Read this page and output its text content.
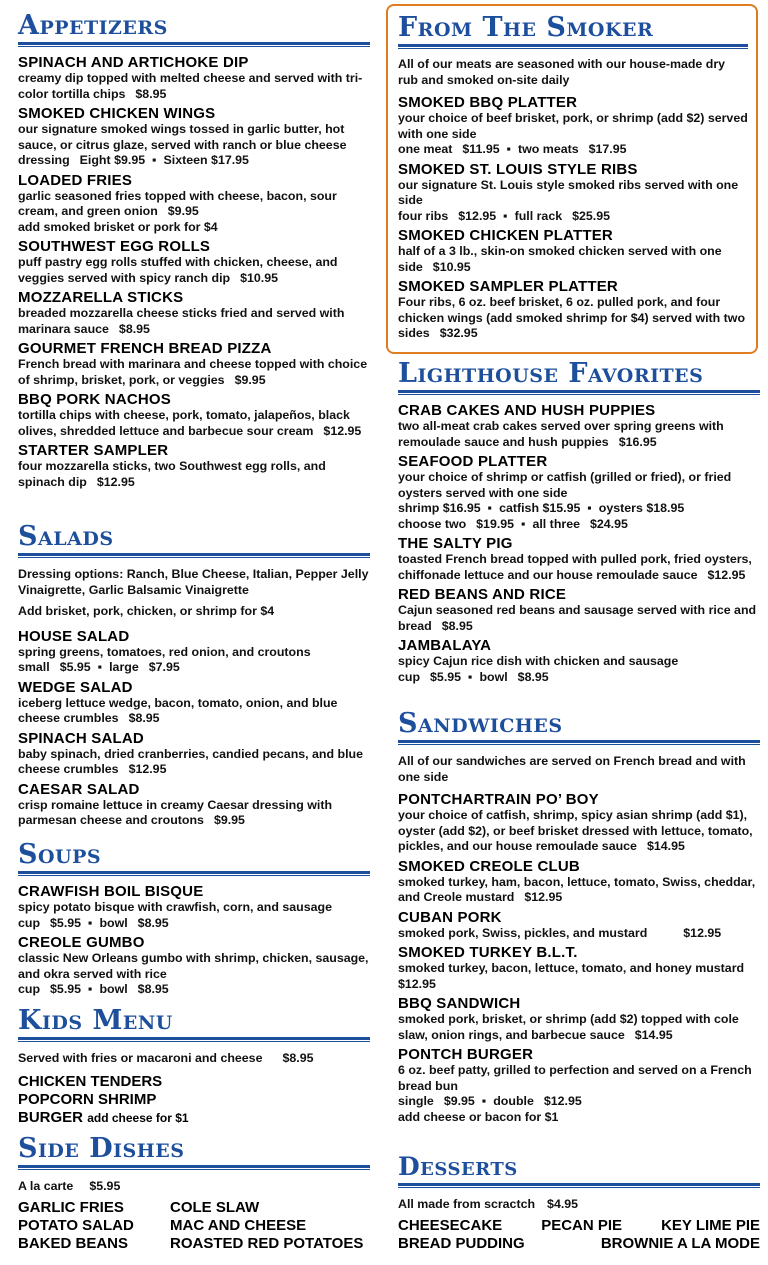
Appetizers
SPINACH AND ARTICHOKE DIP
creamy dip topped with melted cheese and served with tri-color tortilla chips $8.95
SMOKED CHICKEN WINGS
our signature smoked wings tossed in garlic butter, hot sauce, or citrus glaze, served with ranch or blue cheese dressing Eight $9.95 ▪ Sixteen $17.95
LOADED FRIES
garlic seasoned fries topped with cheese, bacon, sour cream, and green onion $9.95
add smoked brisket or pork for $4
SOUTHWEST EGG ROLLS
puff pastry egg rolls stuffed with chicken, cheese, and veggies served with spicy ranch dip $10.95
MOZZARELLA STICKS
breaded mozzarella cheese sticks fried and served with marinara sauce $8.95
GOURMET FRENCH BREAD PIZZA
French bread with marinara and cheese topped with choice of shrimp, brisket, pork, or veggies $9.95
BBQ PORK NACHOS
tortilla chips with cheese, pork, tomato, jalapeños, black olives, shredded lettuce and barbecue sour cream $12.95
STARTER SAMPLER
four mozzarella sticks, two Southwest egg rolls, and spinach dip $12.95
Salads
Dressing options: Ranch, Blue Cheese, Italian, Pepper Jelly Vinaigrette, Garlic Balsamic Vinaigrette
Add brisket, pork, chicken, or shrimp for $4
HOUSE SALAD
spring greens, tomatoes, red onion, and croutons
small $5.95 ▪ large $7.95
WEDGE SALAD
iceberg lettuce wedge, bacon, tomato, onion, and blue cheese crumbles $8.95
SPINACH SALAD
baby spinach, dried cranberries, candied pecans, and blue cheese crumbles $12.95
CAESAR SALAD
crisp romaine lettuce in creamy Caesar dressing with parmesan cheese and croutons $9.95
Soups
CRAWFISH BOIL BISQUE
spicy potato bisque with crawfish, corn, and sausage
cup $5.95 ▪ bowl $8.95
CREOLE GUMBO
classic New Orleans gumbo with shrimp, chicken, sausage, and okra served with rice
cup $5.95 ▪ bowl $8.95
Kids Menu
Served with fries or macaroni and cheese $8.95
CHICKEN TENDERS
POPCORN SHRIMP
BURGER add cheese for $1
Side Dishes
A la carte $5.95
GARLIC FRIES	COLE SLAW
POTATO SALAD	MAC AND CHEESE
BAKED BEANS	ROASTED RED POTATOES
From The Smoker
All of our meats are seasoned with our house-made dry rub and smoked on-site daily
SMOKED BBQ PLATTER
your choice of beef brisket, pork, or shrimp (add $2) served with one side
one meat $11.95 ▪ two meats $17.95
SMOKED ST. LOUIS STYLE RIBS
our signature St. Louis style smoked ribs served with one side
four ribs $12.95 ▪ full rack $25.95
SMOKED CHICKEN PLATTER
half of a 3 lb., skin-on smoked chicken served with one side $10.95
SMOKED SAMPLER PLATTER
Four ribs, 6 oz. beef brisket, 6 oz. pulled pork, and four chicken wings (add smoked shrimp for $4) served with two sides $32.95
Lighthouse Favorites
CRAB CAKES AND HUSH PUPPIES
two all-meat crab cakes served over spring greens with remoulade sauce and hush puppies $16.95
SEAFOOD PLATTER
your choice of shrimp or catfish (grilled or fried), or fried oysters served with one side
shrimp $16.95 ▪ catfish $15.95 ▪ oysters $18.95
choose two $19.95 ▪ all three $24.95
THE SALTY PIG
toasted French bread topped with pulled pork, fried oysters, chiffonade lettuce and our house remoulade sauce $12.95
RED BEANS AND RICE
Cajun seasoned red beans and sausage served with rice and bread $8.95
JAMBALAYA
spicy Cajun rice dish with chicken and sausage
cup $5.95 ▪ bowl $8.95
Sandwiches
All of our sandwiches are served on French bread and with one side
PONTCHARTRAIN PO’ BOY
your choice of catfish, shrimp, spicy asian shrimp (add $1), oyster (add $2), or beef brisket dressed with lettuce, tomato, pickles, and our house remoulade sauce $14.95
SMOKED CREOLE CLUB
smoked turkey, ham, bacon, lettuce, tomato, Swiss, cheddar, and Creole mustard $12.95
CUBAN PORK
smoked pork, Swiss, pickles, and mustard	$12.95
SMOKED TURKEY B.L.T.
smoked turkey, bacon, lettuce, tomato, and honey mustard$12.95
BBQ SANDWICH
smoked pork, brisket, or shrimp (add $2) topped with cole slaw, onion rings, and barbecue sauce $14.95
PONTCH BURGER
6 oz. beef patty, grilled to perfection and served on a French bread bun
single $9.95 ▪ double $12.95
add cheese or bacon for $1
Desserts
All made from scractch $4.95
CHEESECAKE	PECAN PIE	KEY LIME PIE
BREAD PUDDING	BROWNIE A LA MODE
